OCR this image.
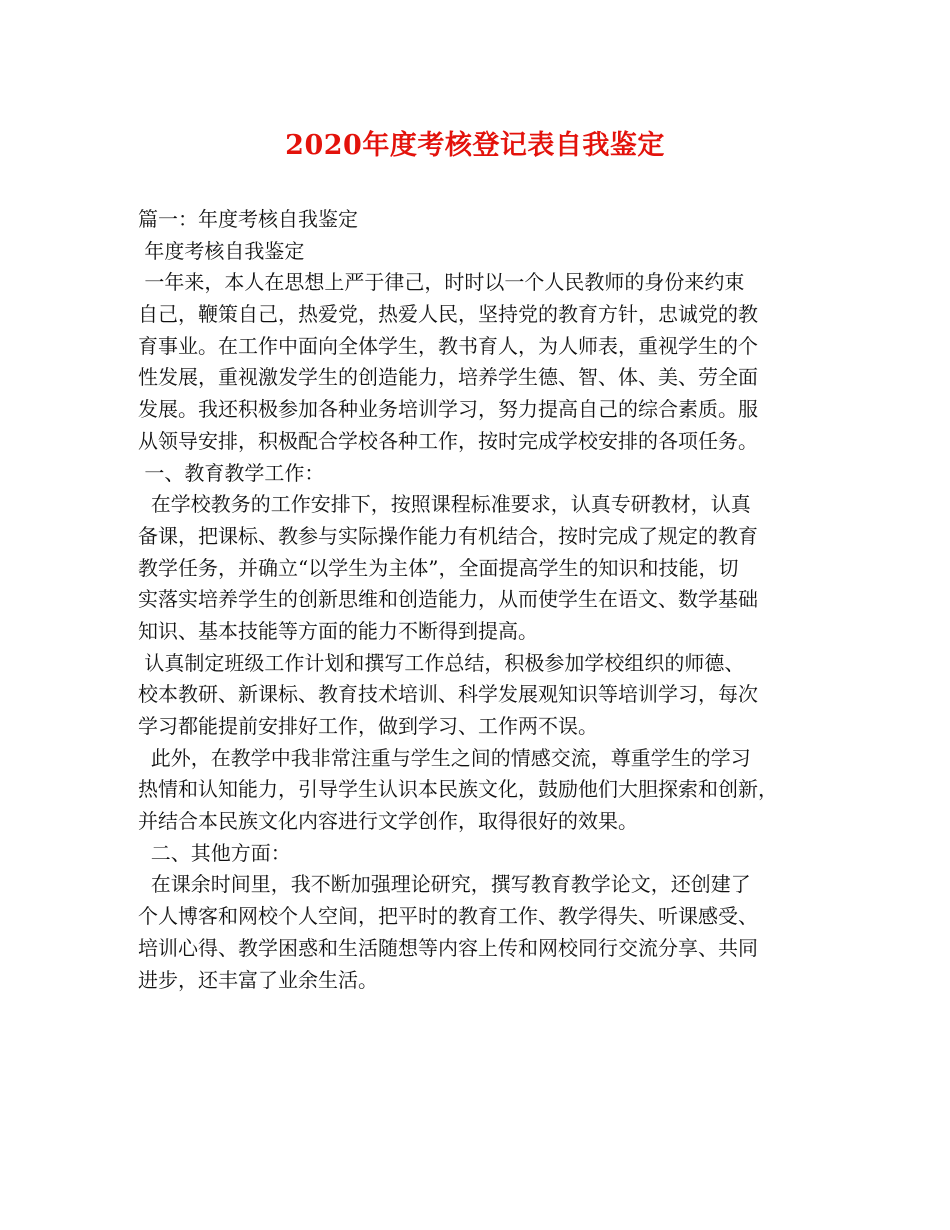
2020年度考核登记表自我鉴定
篇一：年度考核自我鉴定
年度考核自我鉴定
一年来，本人在思想上严于律己，时时以一个人民教师的身份来约束
自己，鞭策自己，热爱党，热爱人民，坚持党的教育方针，忠诚党的教
育事业。在工作中面向全体学生，教书育人，为人师表，重视学生的个
性发展，重视激发学生的创造能力，培养学生德、智、体、美、劳全面
发展。我还积极参加各种业务培训学习，努力提高自己的综合素质。服
从领导安排，积极配合学校各种工作，按时完成学校安排的各项任务。
一、教育教学工作：
在学校教务的工作安排下，按照课程标准要求，认真专研教材，认真
备课，把课标、教参与实际操作能力有机结合，按时完成了规定的教育
教学任务，并确立“以学生为主体”，全面提高学生的知识和技能，切
实落实培养学生的创新思维和创造能力，从而使学生在语文、数学基础
知识、基本技能等方面的能力不断得到提高。
认真制定班级工作计划和撰写工作总结，积极参加学校组织的师德、
校本教研、新课标、教育技术培训、科学发展观知识等培训学习，每次
学习都能提前安排好工作，做到学习、工作两不误。
此外，在教学中我非常注重与学生之间的情感交流，尊重学生的学习
热情和认知能力，引导学生认识本民族文化，鼓励他们大胆探索和创新，
并结合本民族文化内容进行文学创作，取得很好的效果。
二、其他方面：
在课余时间里，我不断加强理论研究，撰写教育教学论文，还创建了
个人博客和网校个人空间，把平时的教育工作、教学得失、听课感受、
培训心得、教学困惑和生活随想等内容上传和网校同行交流分享、共同
进步，还丰富了业余生活。
